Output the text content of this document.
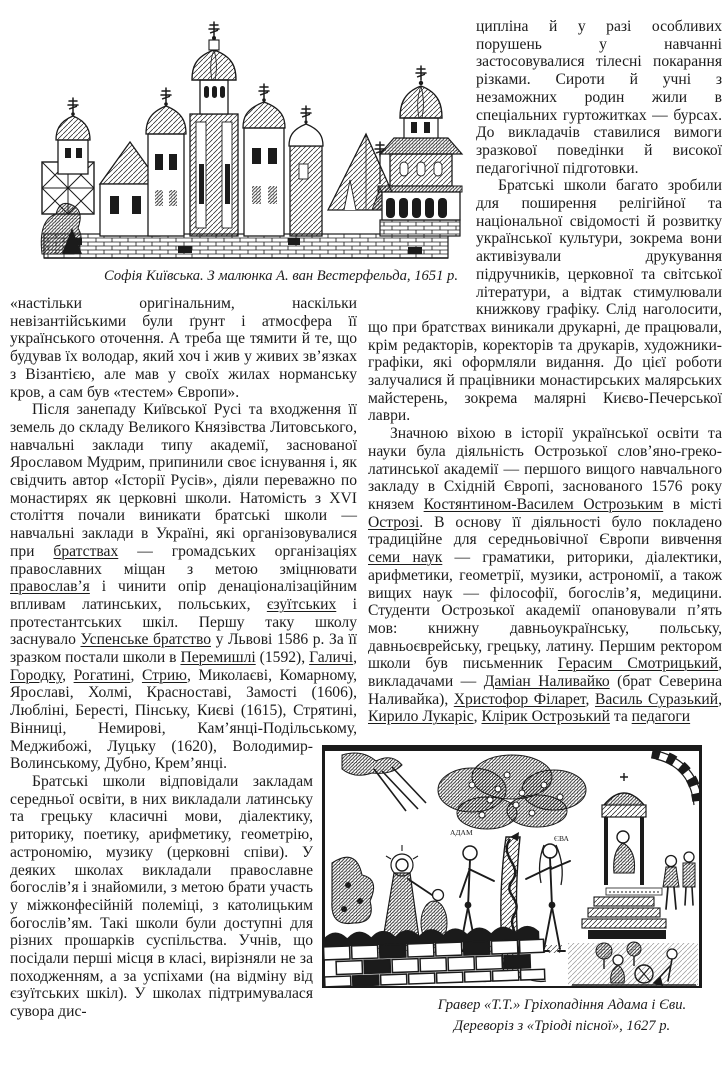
Софія Київська. З малюнка А. ван Вестерфельда, 1651 р.

ципліна й у разі особливих порушень у навчанні застосовувалися тілесні покарання різками. Сироти й учні з незаможних родин жили в спеціальних гуртожитках — бурсах. До викладачів ставилися вимоги зразкової поведінки й високої педагогічної підготовки.

Братські школи багато зробили для поширення релігійної та національної свідомості й розвитку української культури, зокрема вони активізували друкування підручників, церковної та світської літератури, а відтак стимулювали книжкову графіку. Слід наголосити, що при братствах виникали друкарні, де працювали, крім редакторів, коректорів та друкарів, художники-графіки, які оформляли видання. До цієї роботи залучалися й працівники монастирських малярських майстерень, зокрема малярні Києво-Печерської лаври.

Значною віхою в історії української освіти та науки була діяльність Острозької слов’яно-греко-латинської академії — першого вищого навчального закладу в Східній Європі, заснованого 1576 року князем Костянтином-Василем Острозьким в місті Острозі. В основу її діяльності було покладено традиційне для середньовічної Європи вивчення семи наук — граматики, риторики, діалектики, арифметики, геометрії, музики, астрономії, а також вищих наук — філософії, богослів’я, медицини. Студенти Острозької академії опановували п’ять мов: книжну давньоукраїнську, польську, давньоєврейську, грецьку, латину. Першим ректором школи був письменник Герасим Смотрицький, викладачами — Даміан Наливайко (брат Северина Наливайка), Христофор Філарет, Василь Суразький, Кирило Лукаріс, Клірик Острозький та педагоги

«настільки оригінальним, наскільки невізантійськими були ґрунт і атмосфера її українського оточення. А треба ще тямити й те, що будував їх володар, який хоч і жив у живих зв’язках з Візантією, але мав у своїх жилах норманську кров, а сам був «тестем» Європи».

Після занепаду Київської Русі та входження її земель до складу Великого Князівства Литовського, навчальні заклади типу академії, заснованої Ярославом Мудрим, припинили своє існування і, як свідчить автор «Історії Русів», діяли переважно по монастирях як церковні школи. Натомість з XVI століття почали виникати братські школи — навчальні заклади в Україні, які організовувалися при братствах — громадських організаціях православних міщан з метою зміцнювати православ’я і чинити опір денаціоналізаційним впливам латинських, польських, єзуїтських і протестантських шкіл. Першу таку школу заснувало Успенське братство у Львові 1586 р. За її зразком постали школи в Перемишлі (1592), Галичі, Городку, Рогатині, Стрию, Миколаєві, Комарному, Ярославі, Холмі, Красноставі, Замості (1606), Любліні, Бересті, Пінську, Києві (1615), Стрятині, Вінниці, Немирові, Кам’янці-Подільському, Меджибожі, Луцьку (1620), Володимир-Волинському, Дубно, Крем’янці.

Братські школи відповідали закладам середньої освіти, в них викладали латинську та грецьку класичні мови, діалектику, риторику, поетику, арифметику, геометрію, астрономію, музику (церковні співи). У деяких школах викладали православне богослів’я і знайомили, з метою брати участь у міжконфесійній полеміці, з католицьким богослів’ям. Такі школи були доступні для різних прошарків суспільства. Учнів, що посідали перші місця в класі, вирізняли не за походженням, а за успіхами (на відміну від єзуїтських шкіл). У школах підтримувалася сувора дис-

АДАМ
ЄВА
Гравер «Т.Т.» Гріхопадіння Адама і Єви.
Дереворіз з «Тріоді пісної», 1627 р.
